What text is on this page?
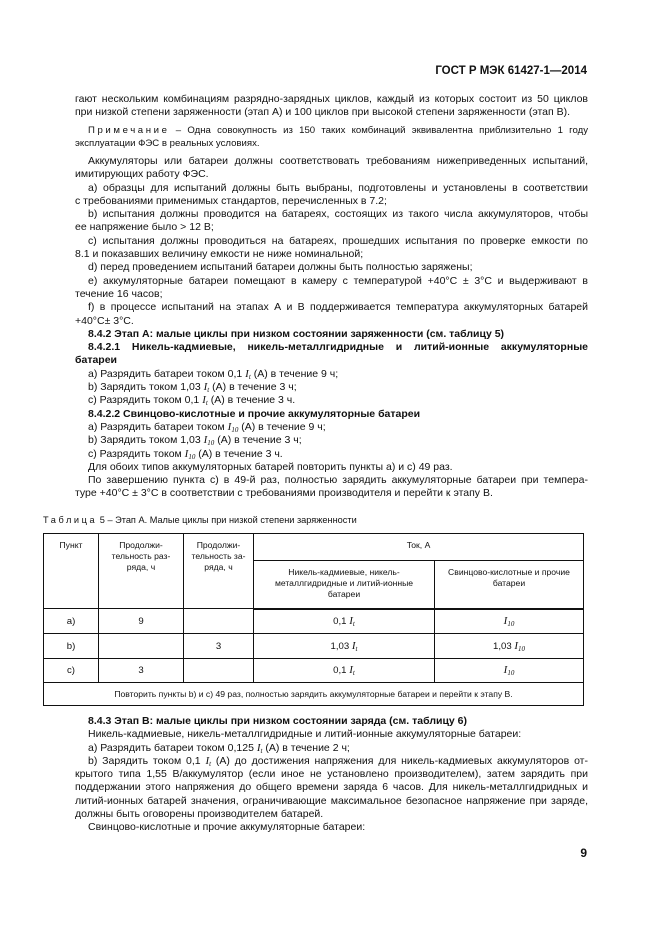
ГОСТ Р МЭК 61427-1—2014
гают нескольким комбинациям разрядно-зарядных циклов, каждый из которых состоит из 50 циклов
при низкой степени заряженности (этап А) и 100 циклов при высокой степени заряженности (этап В).
Примечание – Одна совокупность из 150 таких комбинаций эквивалентна приблизительно 1 году
эксплуатации ФЭС в реальных условиях.
Аккумуляторы или батареи должны соответствовать требованиям нижеприведенных испытаний,
имитирующих работу ФЭС.
a) образцы для испытаний должны быть выбраны, подготовлены и установлены в соответствии
с требованиями применимых стандартов, перечисленных в 7.2;
b) испытания должны проводится на батареях, состоящих из такого числа аккумуляторов, чтобы
ее напряжение было > 12 В;
c) испытания должны проводиться на батареях, прошедших испытания по проверке емкости по
8.1 и показавших величину емкости не ниже номинальной;
d) перед проведением испытаний батареи должны быть полностью заряжены;
e) аккумуляторные батареи помещают в камеру с температурой +40°C ± 3°C и выдерживают в
течение 16 часов;
f) в процессе испытаний на этапах А и В поддерживается температура аккумуляторных батарей
+40°C± 3°C.
8.4.2 Этап А: малые циклы при низком состоянии заряженности (см. таблицу 5)
8.4.2.1 Никель-кадмиевые, никель-металлгидридные и литий-ионные аккумуляторные
батареи
a) Разрядить батареи током 0,1 $I_t$ (A) в течение 9 ч;
b) Зарядить током 1,03 $I_t$ (A) в течение 3 ч;
c) Разрядить током 0,1 $I_t$ (A) в течение 3 ч.
8.4.2.2 Свинцово-кислотные и прочие аккумуляторные батареи
a) Разрядить батареи током $I_{10}$ (A) в течение 9 ч;
b) Зарядить током 1,03 $I_{10}$ (A) в течение 3 ч;
c) Разрядить током $I_{10}$ (A) в течение 3 ч.
Для обоих типов аккумуляторных батарей повторить пункты a) и c) 49 раз.
По завершению пункта c) в 49-й раз, полностью зарядить аккумуляторные батареи при темпера-
туре +40°C ± 3°C в соответствии с требованиями производителя и перейти к этапу В.
Таблица 5 – Этап А. Малые циклы при низкой степени заряженности
Пункт	Продолжи-тельность раз-ряда, ч	Продолжи-тельность за-ряда, ч	Ток, А	
			Никель-кадмиевые, никель-металлгидридные и литий-ионные батареи	Свинцово-кислотные и прочие батареи
a)	9		0,1 $I_t$	$I_{10}$
b)		3	1,03 $I_t$	1,03 $I_{10}$
c)	3		0,1 $I_t$	$I_{10}$
Повторить пункты b) и c) 49 раз, полностью зарядить аккумуляторные батареи и перейти к этапу В.				
8.4.3 Этап В: малые циклы при низком состоянии заряда (см. таблицу 6)
Никель-кадмиевые, никель-металлгидридные и литий-ионные аккумуляторные батареи:
a) Разрядить батареи током 0,125 $I_t$ (A) в течение 2 ч;
b) Зарядить током 0,1 $I_t$ (A) до достижения напряжения для никель-кадмиевых аккумуляторов от-
крытого типа 1,55 В/аккумулятор (если иное не установлено производителем), затем зарядить при
поддержании этого напряжения до общего времени заряда 6 часов. Для никель-металлгидридных и
литий-ионных батарей значения, ограничивающие максимальное безопасное напряжение при заряде,
должны быть оговорены производителем батарей.
Свинцово-кислотные и прочие аккумуляторные батареи:
9
